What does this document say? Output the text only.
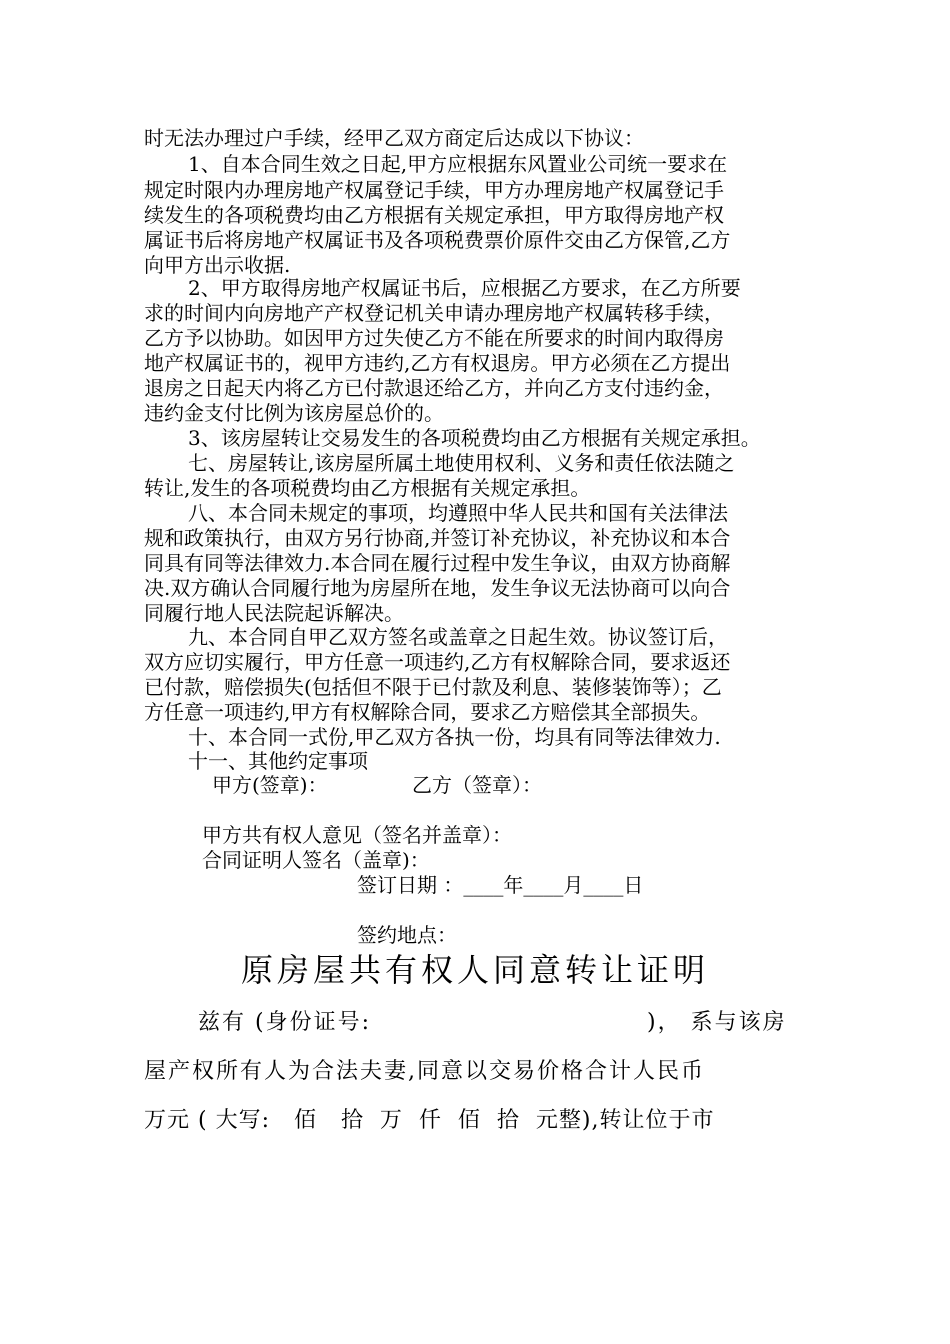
时无法办理过户手续，经甲乙双方商定后达成以下协议：
1、自本合同生效之日起,甲方应根据东风置业公司统一要求在
规定时限内办理房地产权属登记手续，甲方办理房地产权属登记手
续发生的各项税费均由乙方根据有关规定承担，甲方取得房地产权
属证书后将房地产权属证书及各项税费票价原件交由乙方保管,乙方
向甲方出示收据.
2、甲方取得房地产权属证书后，应根据乙方要求，在乙方所要
求的时间内向房地产产权登记机关申请办理房地产权属转移手续，
乙方予以协助。如因甲方过失使乙方不能在所要求的时间内取得房
地产权属证书的，视甲方违约,乙方有权退房。甲方必须在乙方提出
退房之日起天内将乙方已付款退还给乙方，并向乙方支付违约金，
违约金支付比例为该房屋总价的。
3、该房屋转让交易发生的各项税费均由乙方根据有关规定承担。
七、房屋转让,该房屋所属土地使用权利、义务和责任依法随之
转让,发生的各项税费均由乙方根据有关规定承担。
八、本合同未规定的事项，均遵照中华人民共和国有关法律法
规和政策执行，由双方另行协商,并签订补充协议，补充协议和本合
同具有同等法律效力.本合同在履行过程中发生争议，由双方协商解
决.双方确认合同履行地为房屋所在地，发生争议无法协商可以向合
同履行地人民法院起诉解决。
九、本合同自甲乙双方签名或盖章之日起生效。协议签订后，
双方应切实履行，甲方任意一项违约,乙方有权解除合同，要求返还
已付款，赔偿损失(包括但不限于已付款及利息、装修装饰等）；乙
方任意一项违约,甲方有权解除合同，要求乙方赔偿其全部损失。
十、本合同一式份,甲乙双方各执一份，均具有同等法律效力.
十一、其他约定事项
甲方(签章)：	乙方（签章）：
甲方共有权人意见（签名并盖章）：
合同证明人签名（盖章)：
签订日期 ：____年____月____日
签约地点：
原房屋共有权人同意转让证明
兹有 (身份证号:	)， 系与该房
屋产权所有人为合法夫妻,同意以交易价格合计人民币
万元 ( 大写:   佰   拾  万  仟  佰  拾  元整),转让位于市
